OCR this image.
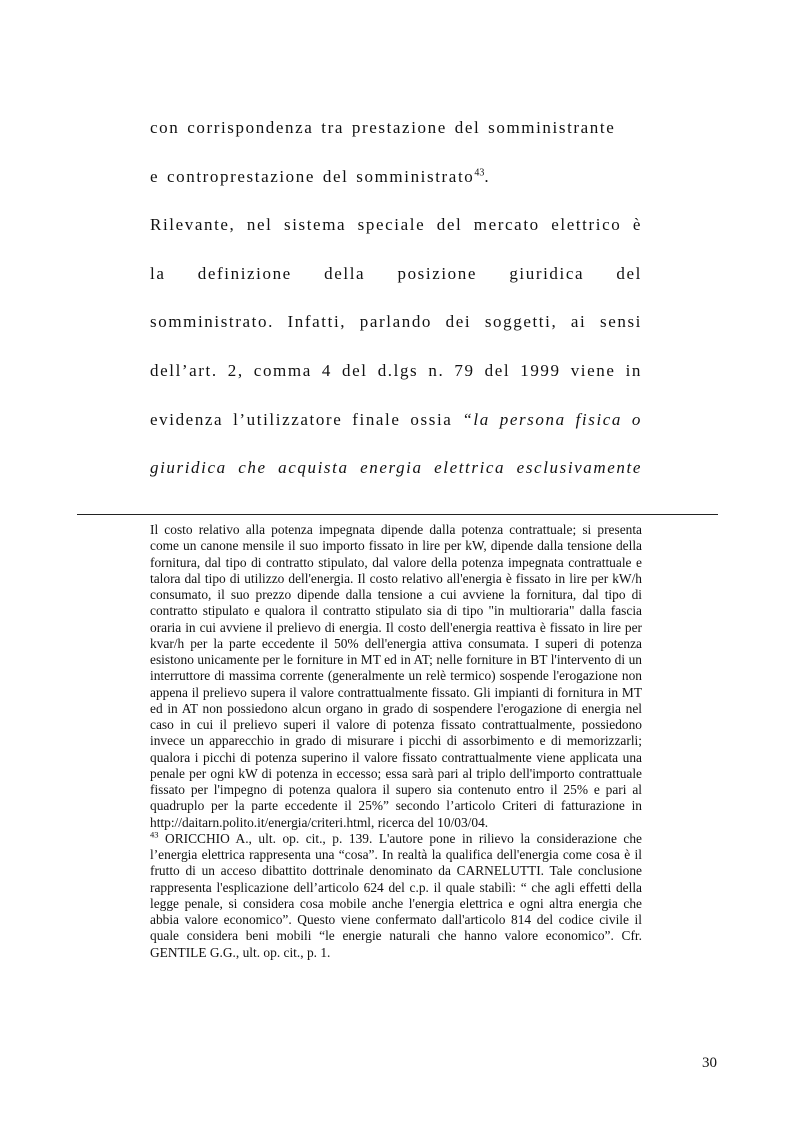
con corrispondenza tra prestazione del somministrante
e controprestazione del somministrato$^{43}$.
Rilevante, nel sistema speciale del mercato elettrico è
la definizione della posizione giuridica del
somministrato. Infatti, parlando dei soggetti, ai sensi
dell’art. 2, comma 4 del d.lgs n. 79 del 1999 viene in
evidenza l’utilizzatore finale ossia “la persona fisica o
giuridica che acquista energia elettrica esclusivamente

Il costo relativo alla potenza impegnata dipende dalla potenza contrattuale; si presenta come un canone mensile il suo importo fissato in lire per kW, dipende dalla tensione della fornitura, dal tipo di contratto stipulato, dal valore della potenza impegnata contrattuale e talora dal tipo di utilizzo dell'energia. Il costo relativo all'energia è fissato in lire per kW/h consumato, il suo prezzo dipende dalla tensione a cui avviene la fornitura, dal tipo di contratto stipulato e qualora il contratto stipulato sia di tipo "in multioraria" dalla fascia oraria in cui avviene il prelievo di energia. Il costo dell'energia reattiva è fissato in lire per kvar/h per la parte eccedente il 50% dell'energia attiva consumata. I superi di potenza esistono unicamente per le forniture in MT ed in AT; nelle forniture in BT l'intervento di un interruttore di massima corrente (generalmente un relè termico) sospende l'erogazione non appena il prelievo supera il valore contrattualmente fissato. Gli impianti di fornitura in MT ed in AT non possiedono alcun organo in grado di sospendere l'erogazione di energia nel caso in cui il prelievo superi il valore di potenza fissato contrattualmente, possiedono invece un apparecchio in grado di misurare i picchi di assorbimento e di memorizzarli; qualora i picchi di potenza superino il valore fissato contrattualmente viene applicata una penale per ogni kW di potenza in eccesso; essa sarà pari al triplo dell'importo contrattuale fissato per l'impegno di potenza qualora il supero sia contenuto entro il 25% e pari al quadruplo per la parte eccedente il 25%” secondo l’articolo Criteri di fatturazione in http://daitarn.polito.it/energia/criteri.html, ricerca del 10/03/04.

$^{43}$ ORICCHIO A., ult. op. cit., p. 139. L'autore pone in rilievo la considerazione che l’energia elettrica rappresenta una “cosa”. In realtà la qualifica dell'energia come cosa è il frutto di un acceso dibattito dottrinale denominato da CARNELUTTI. Tale conclusione rappresenta l'esplicazione dell’articolo 624 del c.p. il quale stabilì: “ che agli effetti della legge penale, si considera cosa mobile anche l'energia elettrica e ogni altra energia che abbia valore economico”. Questo viene confermato dall'articolo 814 del codice civile il quale considera beni mobili “le energie naturali che hanno valore economico”. Cfr. GENTILE G.G., ult. op. cit., p. 1.

30
